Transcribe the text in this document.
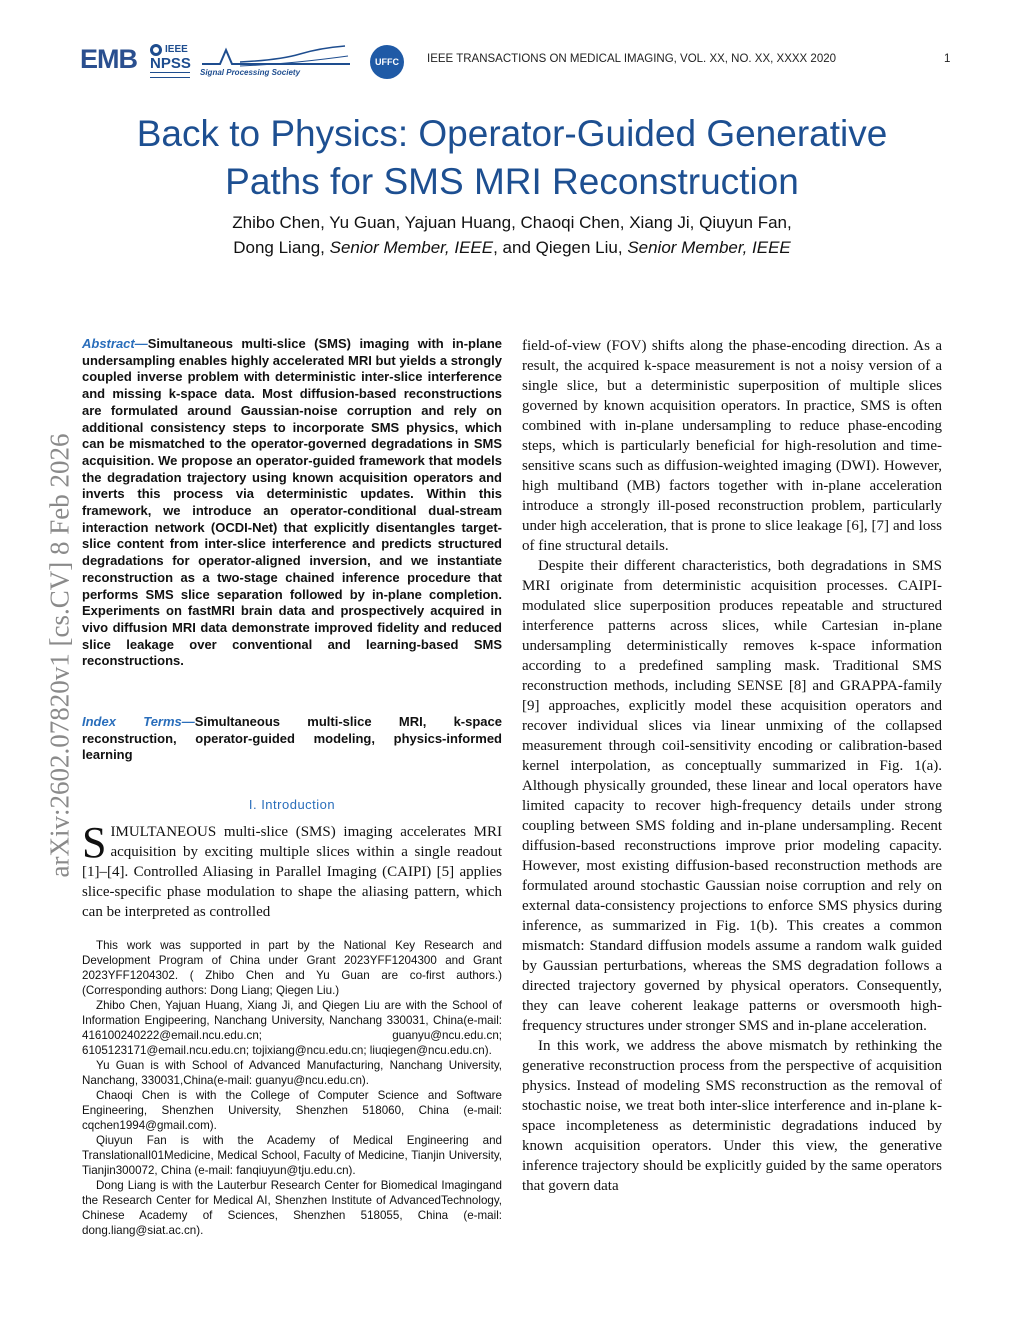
EMB	IEEE
NPSS
Signal Processing Society
UFFC	IEEE TRANSACTIONS ON MEDICAL IMAGING, VOL. XX, NO. XX, XXXX 2020	1
Back to Physics: Operator-Guided Generative
Paths for SMS MRI Reconstruction
Zhibo Chen, Yu Guan, Yajuan Huang, Chaoqi Chen, Xiang Ji, Qiuyun Fan,
Dong Liang, Senior Member, IEEE, and Qiegen Liu, Senior Member, IEEE
arXiv:2602.07820v1 [cs.CV] 8 Feb 2026
Abstract—Simultaneous multi-slice (SMS) imaging with in-plane undersampling enables highly accelerated MRI but yields a strongly coupled inverse problem with deterministic inter-slice interference and missing k-space data. Most diffusion-based reconstructions are formulated around Gaussian-noise corruption and rely on additional consistency steps to incorporate SMS physics, which can be mismatched to the operator-governed degradations in SMS acquisition. We propose an operator-guided framework that models the degradation trajectory using known acquisition operators and inverts this process via deterministic updates. Within this framework, we introduce an operator-conditional dual-stream interaction network (OCDI-Net) that explicitly disentangles target-slice content from inter-slice interference and predicts structured degradations for operator-aligned inversion, and we instantiate reconstruction as a two-stage chained inference procedure that performs SMS slice separation followed by in-plane completion. Experiments on fastMRI brain data and prospectively acquired in vivo diffusion MRI data demonstrate improved fidelity and reduced slice leakage over conventional and learning-based SMS reconstructions.
Index Terms—Simultaneous multi-slice MRI, k-space reconstruction, operator-guided modeling, physics-informed learning
I. Introduction
SIMULTANEOUS multi-slice (SMS) imaging accelerates MRI acquisition by exciting multiple slices within a single readout [1]–[4]. Controlled Aliasing in Parallel Imaging (CAIPI) [5] applies slice-specific phase modulation to shape the aliasing pattern, which can be interpreted as controlled

This work was supported in part by the National Key Research and Development Program of China under Grant 2023YFF1204300 and Grant 2023YFF1204302. ( Zhibo Chen and Yu Guan are co-first authors.) (Corresponding authors: Dong Liang; Qiegen Liu.)

Zhibo Chen, Yajuan Huang, Xiang Ji, and Qiegen Liu are with the School of Information Engipeering, Nanchang University, Nanchang 330031, China(e-mail: 416100240222@email.ncu.edu.cn; guanyu@ncu.edu.cn; 6105123171@email.ncu.edu.cn; tojixiang@ncu.edu.cn; liuqiegen@ncu.edu.cn).

Yu Guan is with School of Advanced Manufacturing, Nanchang University, Nanchang, 330031,China(e-mail: guanyu@ncu.edu.cn).

Chaoqi Chen is with the College of Computer Science and Software Engineering, Shenzhen University, Shenzhen 518060, China (e-mail: cqchen1994@gmail.com).

Qiuyun Fan is with the Academy of Medical Engineering and TranslationalI01Medicine, Medical School, Faculty of Medicine, Tianjin University, Tianjin300072, China (e-mail: fanqiuyun@tju.edu.cn).

Dong Liang is with the Lauterbur Research Center for Biomedical Imagingand the Research Center for Medical AI, Shenzhen Institute of AdvancedTechnology, Chinese Academy of Sciences, Shenzhen 518055, China (e-mail: dong.liang@siat.ac.cn).

field-of-view (FOV) shifts along the phase-encoding direction. As a result, the acquired k-space measurement is not a noisy version of a single slice, but a deterministic superposition of multiple slices governed by known acquisition operators. In practice, SMS is often combined with in-plane undersampling to reduce phase-encoding steps, which is particularly beneficial for high-resolution and time-sensitive scans such as diffusion-weighted imaging (DWI). However, high multiband (MB) factors together with in-plane acceleration introduce a strongly ill-posed reconstruction problem, particularly under high acceleration, that is prone to slice leakage [6], [7] and loss of fine structural details.

Despite their different characteristics, both degradations in SMS MRI originate from deterministic acquisition processes. CAIPI-modulated slice superposition produces repeatable and structured interference patterns across slices, while Cartesian in-plane undersampling deterministically removes k-space information according to a predefined sampling mask. Traditional SMS reconstruction methods, including SENSE [8] and GRAPPA-family [9] approaches, explicitly model these acquisition operators and recover individual slices via linear unmixing of the collapsed measurement through coil-sensitivity encoding or calibration-based kernel interpolation, as conceptually summarized in Fig. 1(a). Although physically grounded, these linear and local operators have limited capacity to recover high-frequency details under strong coupling between SMS folding and in-plane undersampling. Recent diffusion-based reconstructions improve prior modeling capacity. However, most existing diffusion-based reconstruction methods are formulated around stochastic Gaussian noise corruption and rely on external data-consistency projections to enforce SMS physics during inference, as summarized in Fig. 1(b). This creates a common mismatch: Standard diffusion models assume a random walk guided by Gaussian perturbations, whereas the SMS degradation follows a directed trajectory governed by physical operators. Consequently, they can leave coherent leakage patterns or oversmooth high-frequency structures under stronger SMS and in-plane acceleration.

In this work, we address the above mismatch by rethinking the generative reconstruction process from the perspective of acquisition physics. Instead of modeling SMS reconstruction as the removal of stochastic noise, we treat both inter-slice interference and in-plane k-space incompleteness as deterministic degradations induced by known acquisition operators. Under this view, the generative inference trajectory should be explicitly guided by the same operators that govern data
